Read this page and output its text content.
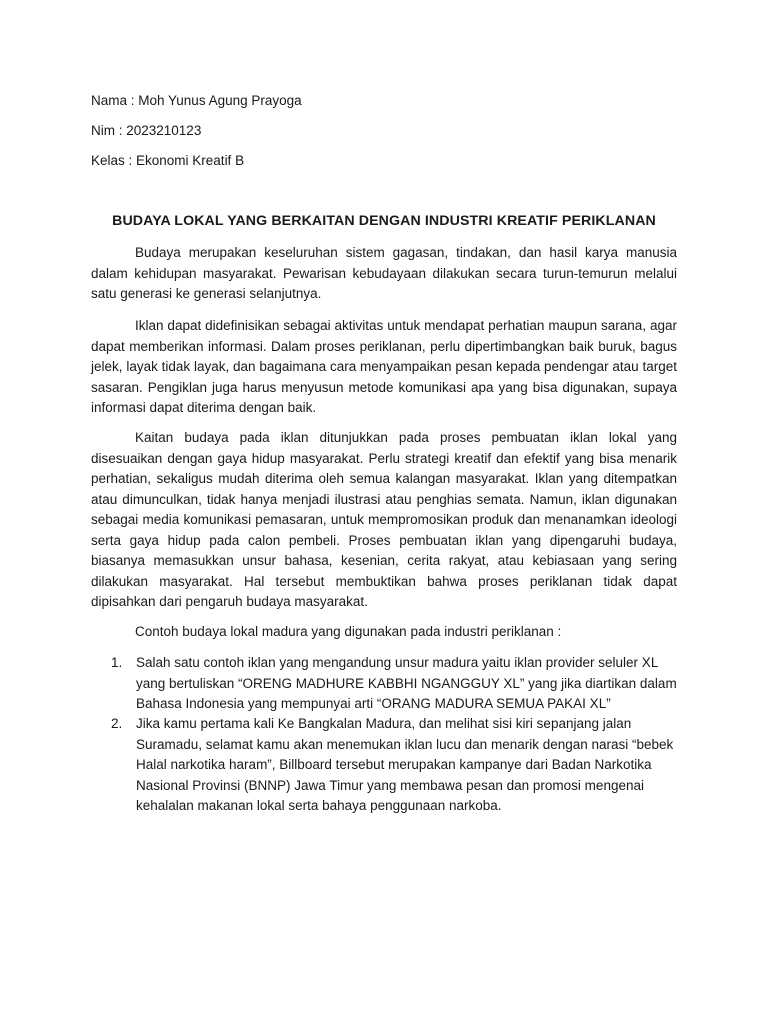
Nama : Moh Yunus Agung Prayoga
Nim : 2023210123
Kelas : Ekonomi Kreatif B
BUDAYA LOKAL YANG BERKAITAN DENGAN INDUSTRI KREATIF PERIKLANAN

Budaya merupakan keseluruhan sistem gagasan, tindakan, dan hasil karya manusia dalam kehidupan masyarakat. Pewarisan kebudayaan dilakukan secara turun-temurun melalui satu generasi ke generasi selanjutnya.

Iklan dapat didefinisikan sebagai aktivitas untuk mendapat perhatian maupun sarana, agar dapat memberikan informasi. Dalam proses periklanan, perlu dipertimbangkan baik buruk, bagus jelek, layak tidak layak, dan bagaimana cara menyampaikan pesan kepada pendengar atau target sasaran. Pengiklan juga harus menyusun metode komunikasi apa yang bisa digunakan, supaya informasi dapat diterima dengan baik.

Kaitan budaya pada iklan ditunjukkan pada proses pembuatan iklan lokal yang disesuaikan dengan gaya hidup masyarakat. Perlu strategi kreatif dan efektif yang bisa menarik perhatian, sekaligus mudah diterima oleh semua kalangan masyarakat. Iklan yang ditempatkan atau dimunculkan, tidak hanya menjadi ilustrasi atau penghias semata. Namun, iklan digunakan sebagai media komunikasi pemasaran, untuk mempromosikan produk dan menanamkan ideologi serta gaya hidup pada calon pembeli. Proses pembuatan iklan yang dipengaruhi budaya, biasanya memasukkan unsur bahasa, kesenian, cerita rakyat, atau kebiasaan yang sering dilakukan masyarakat. Hal tersebut membuktikan bahwa proses periklanan tidak dapat dipisahkan dari pengaruh budaya masyarakat.

Contoh budaya lokal madura yang digunakan pada industri periklanan :

1. Salah satu contoh iklan yang mengandung unsur madura yaitu iklan provider seluler XL yang bertuliskan “ORENG MADHURE KABBHI NGANGGUY XL” yang jika diartikan dalam Bahasa Indonesia yang mempunyai arti “ORANG MADURA SEMUA PAKAI XL”
2. Jika kamu pertama kali Ke Bangkalan Madura, dan melihat sisi kiri sepanjang jalan Suramadu, selamat kamu akan menemukan iklan lucu dan menarik dengan narasi “bebek Halal narkotika haram”, Billboard tersebut merupakan kampanye dari Badan Narkotika Nasional Provinsi (BNNP) Jawa Timur yang membawa pesan dan promosi mengenai kehalalan makanan lokal serta bahaya penggunaan narkoba.
